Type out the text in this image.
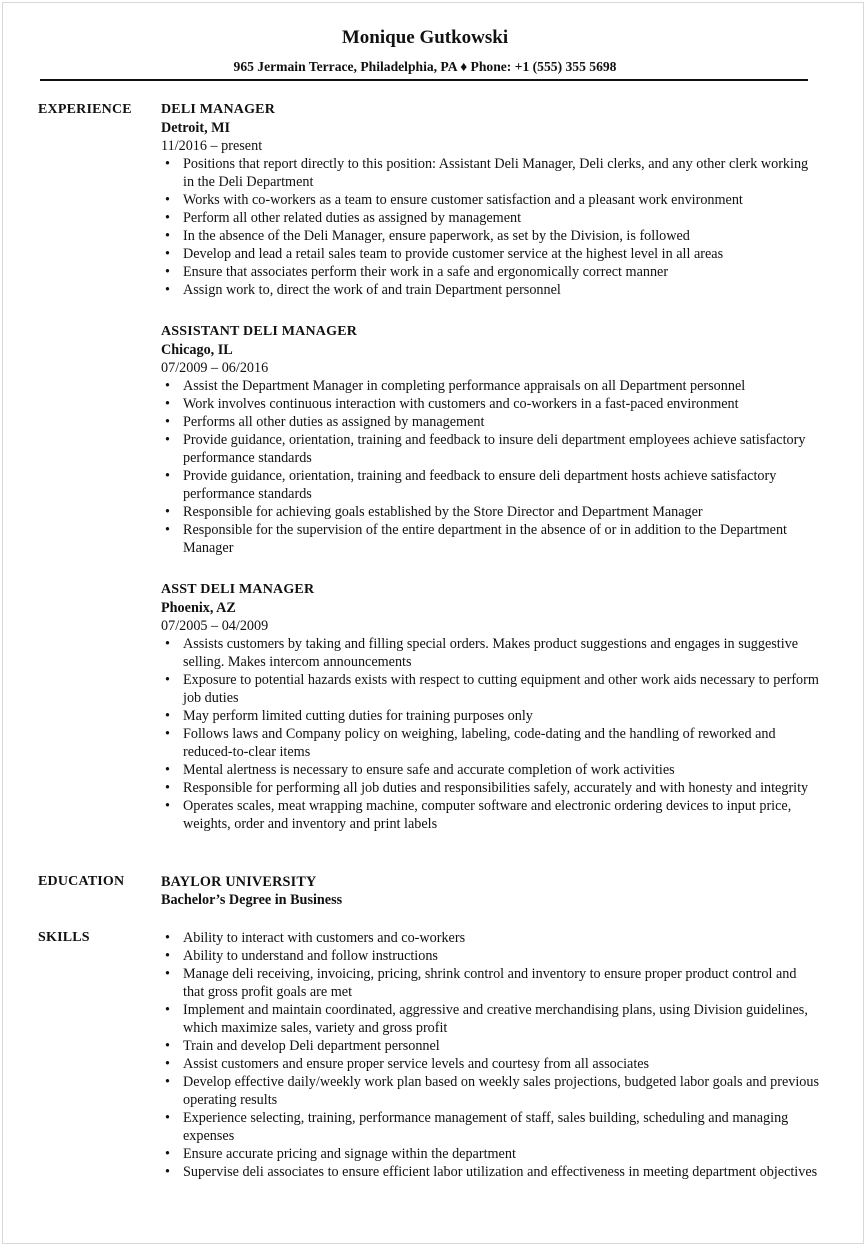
Monique Gutkowski
965 Jermain Terrace, Philadelphia, PA ♦ Phone: +1 (555) 355 5698
EXPERIENCE DELI MANAGER
Detroit, MI
11/2016 – present
• Positions that report directly to this position: Assistant Deli Manager, Deli clerks, and any other clerk working in the Deli Department
• Works with co-workers as a team to ensure customer satisfaction and a pleasant work environment
• Perform all other related duties as assigned by management
• In the absence of the Deli Manager, ensure paperwork, as set by the Division, is followed
• Develop and lead a retail sales team to provide customer service at the highest level in all areas
• Ensure that associates perform their work in a safe and ergonomically correct manner
• Assign work to, direct the work of and train Department personnel
ASSISTANT DELI MANAGER
Chicago, IL
07/2009 – 06/2016
• Assist the Department Manager in completing performance appraisals on all Department personnel
• Work involves continuous interaction with customers and co-workers in a fast-paced environment
• Performs all other duties as assigned by management
• Provide guidance, orientation, training and feedback to insure deli department employees achieve satisfactory performance standards
• Provide guidance, orientation, training and feedback to ensure deli department hosts achieve satisfactory performance standards
• Responsible for achieving goals established by the Store Director and Department Manager
• Responsible for the supervision of the entire department in the absence of or in addition to the Department Manager
ASST DELI MANAGER
Phoenix, AZ
07/2005 – 04/2009
• Assists customers by taking and filling special orders. Makes product suggestions and engages in suggestive selling. Makes intercom announcements
• Exposure to potential hazards exists with respect to cutting equipment and other work aids necessary to perform job duties
• May perform limited cutting duties for training purposes only
• Follows laws and Company policy on weighing, labeling, code-dating and the handling of reworked and reduced-to-clear items
• Mental alertness is necessary to ensure safe and accurate completion of work activities
• Responsible for performing all job duties and responsibilities safely, accurately and with honesty and integrity
• Operates scales, meat wrapping machine, computer software and electronic ordering devices to input price, weights, order and inventory and print labels
EDUCATION	BAYLOR UNIVERSITY
Bachelor’s Degree in Business
SKILLS
•	Ability to interact with customers and co-workers
• Ability to understand and follow instructions
• Manage deli receiving, invoicing, pricing, shrink control and inventory to ensure proper product control and that gross profit goals are met
• Implement and maintain coordinated, aggressive and creative merchandising plans, using Division guidelines, which maximize sales, variety and gross profit
• Train and develop Deli department personnel
• Assist customers and ensure proper service levels and courtesy from all associates
• Develop effective daily/weekly work plan based on weekly sales projections, budgeted labor goals and previous operating results
• Experience selecting, training, performance management of staff, sales building, scheduling and managing expenses
• Ensure accurate pricing and signage within the department
• Supervise deli associates to ensure efficient labor utilization and effectiveness in meeting department objectives
